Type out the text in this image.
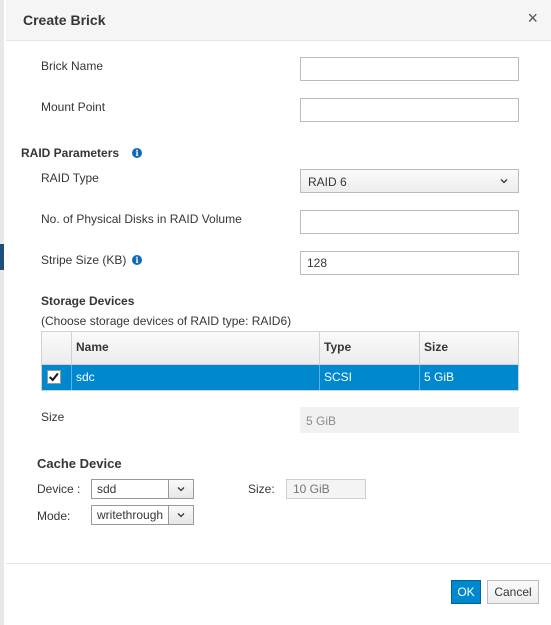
Create Brick	×
Brick Name
Mount Point
RAID Parameters	i
RAID Type	RAID 6
No. of Physical Disks in RAID Volume
Stripe Size (KB)	i
128
Storage Devices
(Choose storage devices of RAID type: RAID6)
Name	Type	Size
sdc	SCSI	5 GiB
Size	5 GiB
Cache Device
Device : sdd	Size:
10 GiB
Mode: writethrough
OK	Cancel
